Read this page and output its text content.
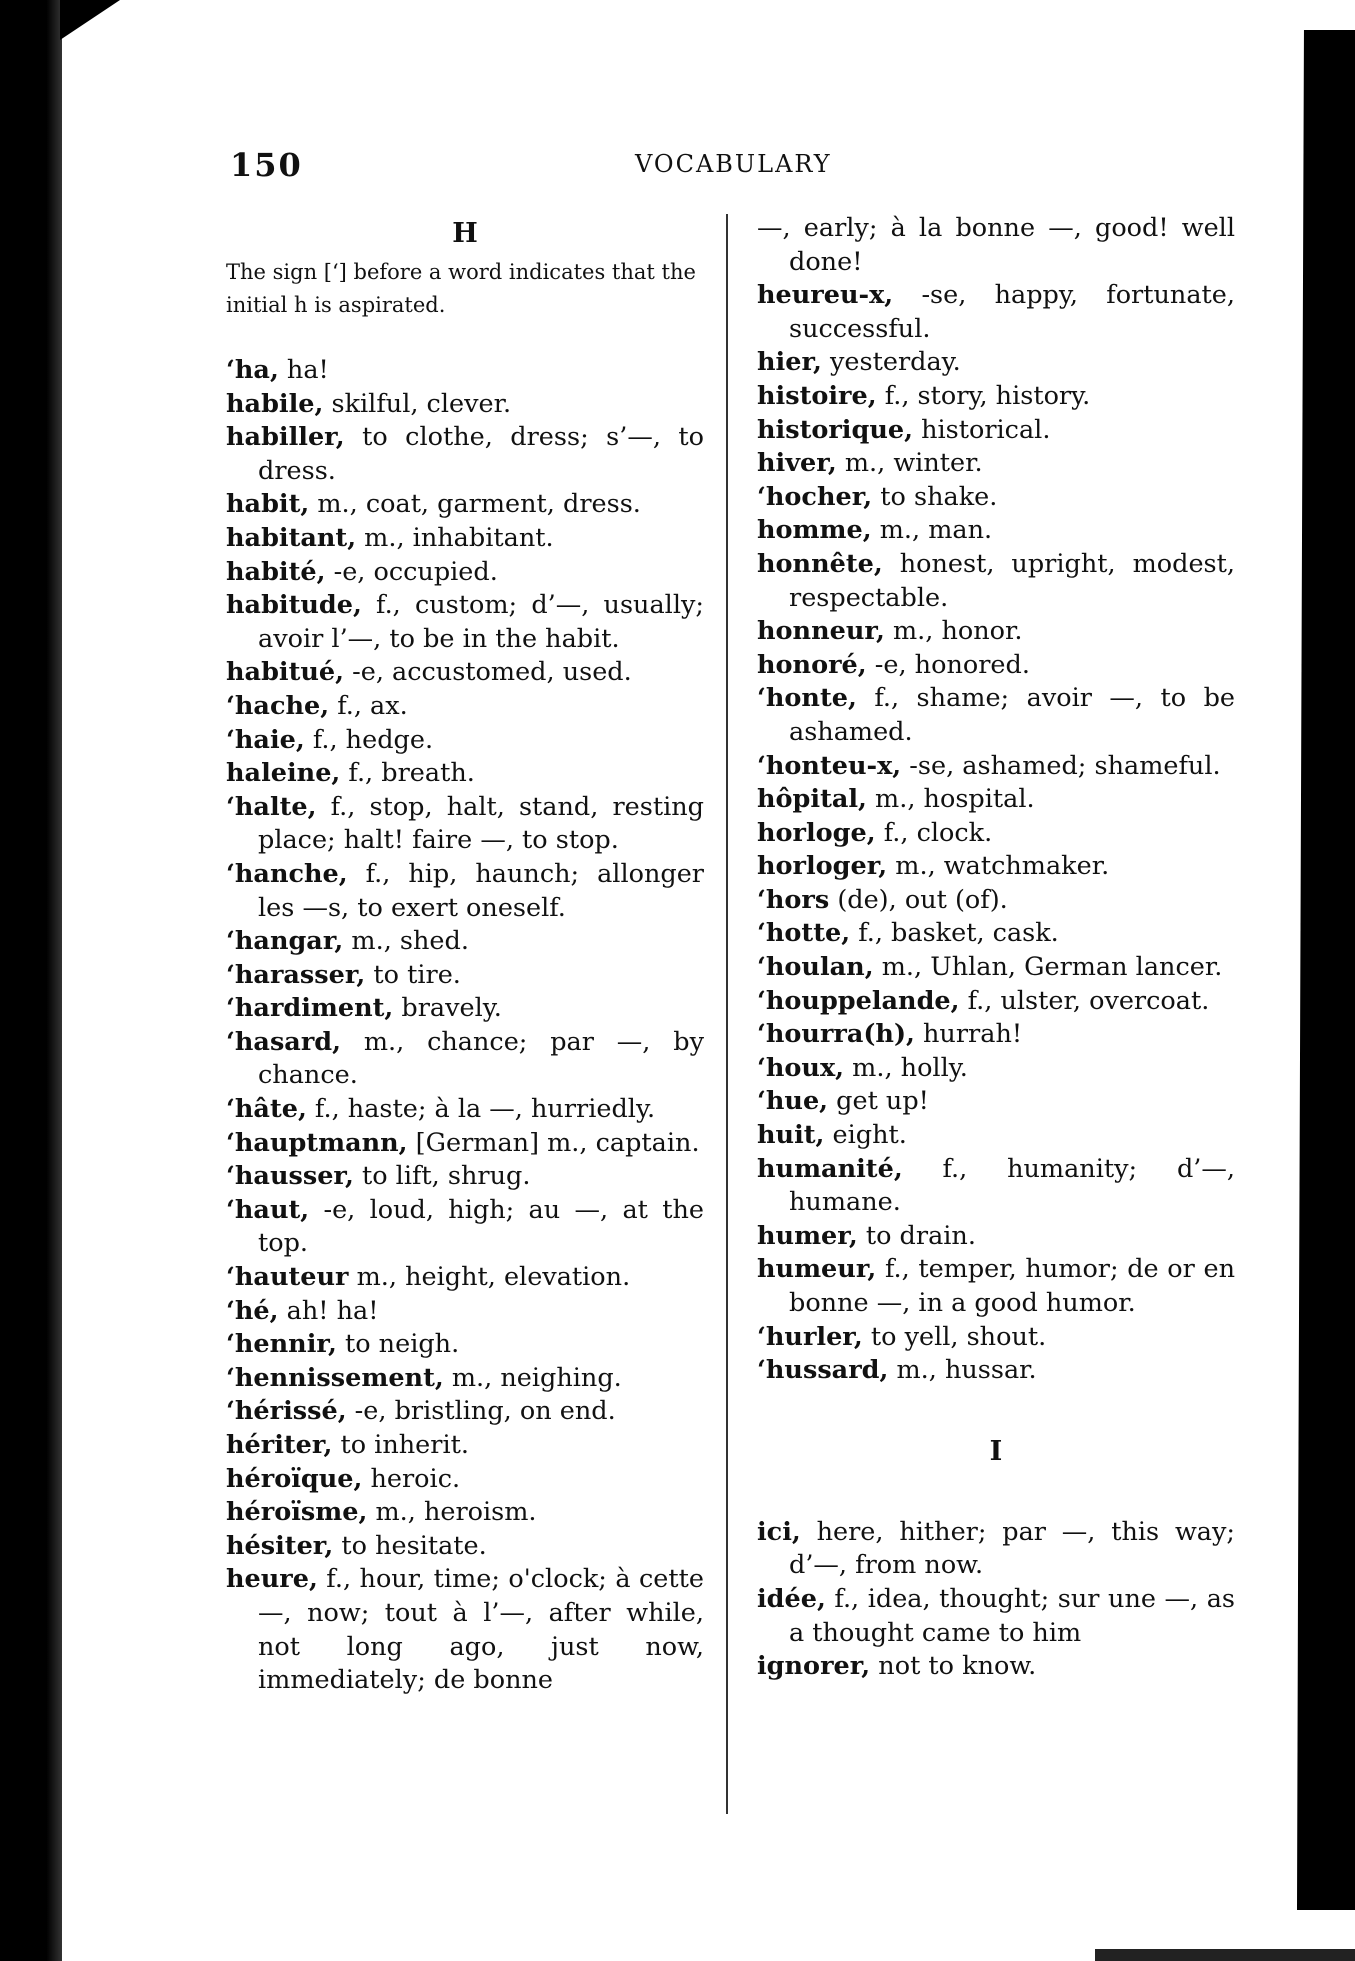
150	VOCABULARY
H
The sign [‘] before a word indicates that the initial h is aspirated.
‘ha, ha!
habile, skilful, clever.
habiller, to clothe, dress; s’—, to dress.
habit, m., coat, garment, dress.
habitant, m., inhabitant.
habité, -e, occupied.
habitude, f., custom; d’—, usually; avoir l’—, to be in the habit.
habitué, -e, accustomed, used.
‘hache, f., ax.
‘haie, f., hedge.
haleine, f., breath.
‘halte, f., stop, halt, stand, resting place; halt! faire —, to stop.
‘hanche, f., hip, haunch; allonger les —s, to exert oneself.
‘hangar, m., shed.
‘harasser, to tire.
‘hardiment, bravely.
‘hasard, m., chance; par —, by chance.
‘hâte, f., haste; à la —, hurriedly.
‘hauptmann, [German] m., captain.
‘hausser, to lift, shrug.
‘haut, -e, loud, high; au —, at the top.
‘hauteur m., height, elevation.
‘hé, ah! ha!
‘hennir, to neigh.
‘hennissement, m., neighing.
‘hérissé, -e, bristling, on end.
hériter, to inherit.
héroïque, heroic.
héroïsme, m., heroism.
hésiter, to hesitate.
heure, f., hour, time; o'clock; à cette —, now; tout à l’—, after while, not long ago, just now, immediately; de bonne
—, early; à la bonne —, good! well done!
heureu-x, -se, happy, fortunate, successful.
hier, yesterday.
histoire, f., story, history.
historique, historical.
hiver, m., winter.
‘hocher, to shake.
homme, m., man.
honnête, honest, upright, modest, respectable.
honneur, m., honor.
honoré, -e, honored.
‘honte, f., shame; avoir —, to be ashamed.
‘honteu-x, -se, ashamed; shameful.
hôpital, m., hospital.
horloge, f., clock.
horloger, m., watchmaker.
‘hors (de), out (of).
‘hotte, f., basket, cask.
‘houlan, m., Uhlan, German lancer.
‘houppelande, f., ulster, overcoat.
‘hourra(h), hurrah!
‘houx, m., holly.
‘hue, get up!
huit, eight.
humanité, f., humanity; d’—, humane.
humer, to drain.
humeur, f., temper, humor; de or en bonne —, in a good humor.
‘hurler, to yell, shout.
‘hussard, m., hussar.
I
ici, here, hither; par —, this way; d’—, from now.
idée, f., idea, thought; sur une —, as a thought came to him
ignorer, not to know.
